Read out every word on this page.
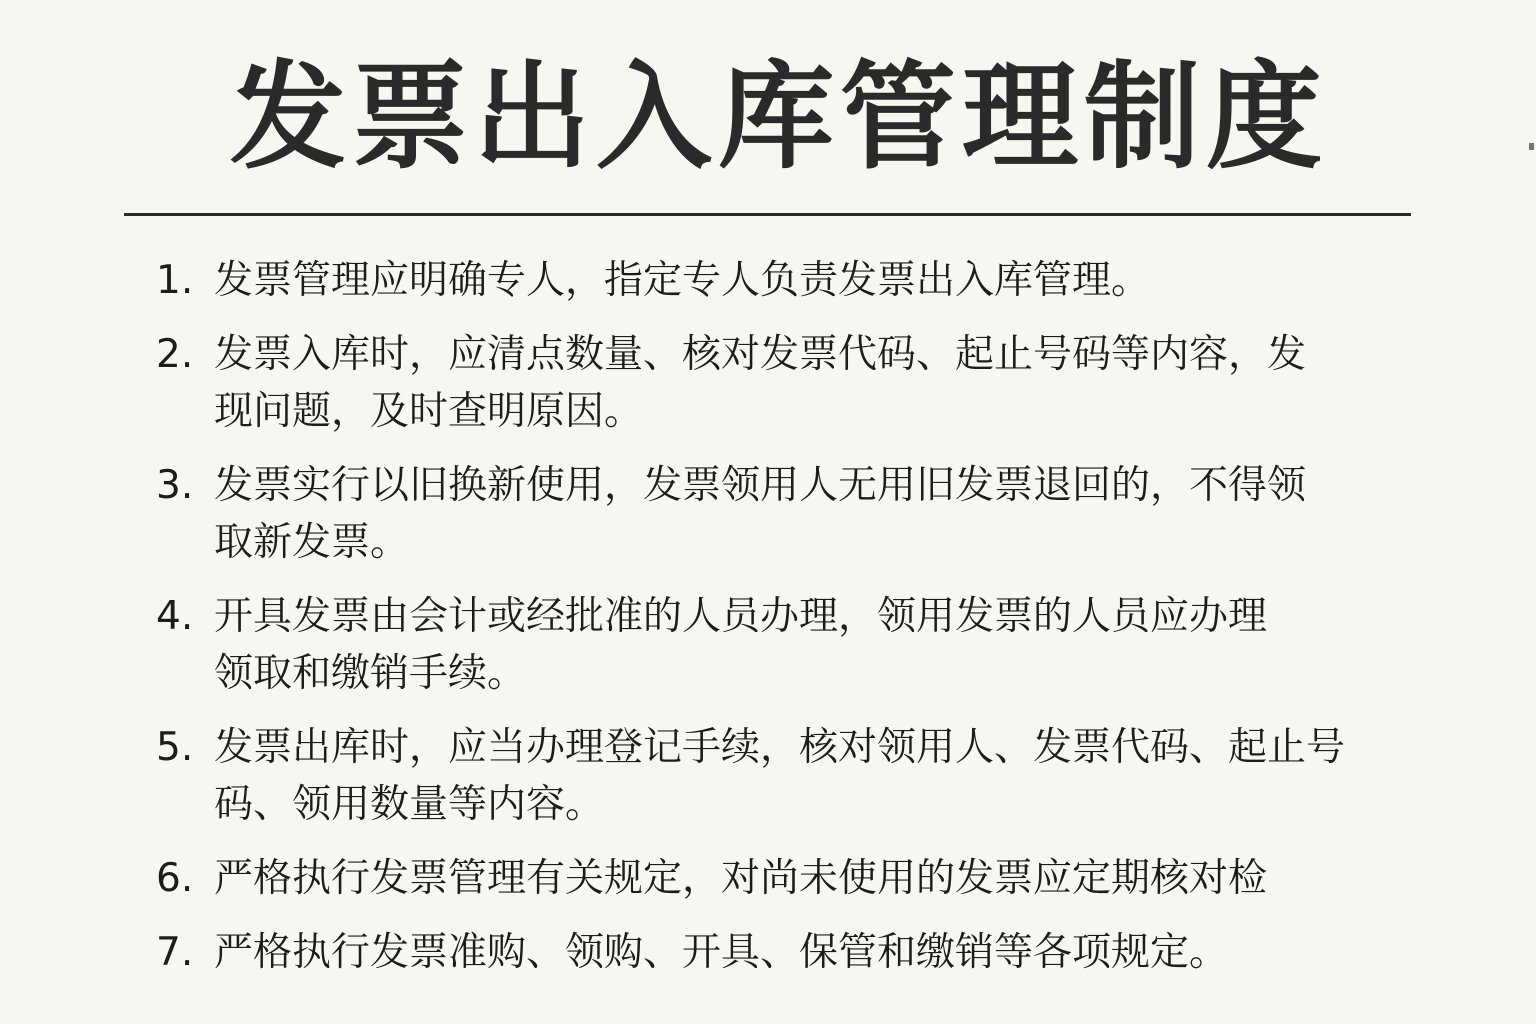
发票出入库管理制度
1. 发票管理应明确专人，指定专人负责发票出入库管理。
2. 发票入库时，应清点数量、核对发票代码、起止号码等内容，发
现问题，及时查明原因。
3. 发票实行以旧换新使用，发票领用人无用旧发票退回的，不得领
取新发票。
4. 开具发票由会计或经批准的人员办理，领用发票的人员应办理
领取和缴销手续。
5. 发票出库时，应当办理登记手续，核对领用人、发票代码、起止号
码、领用数量等内容。
6. 严格执行发票管理有关规定，对尚未使用的发票应定期核对检
7. 严格执行发票准购、领购、开具、保管和缴销等各项规定。
